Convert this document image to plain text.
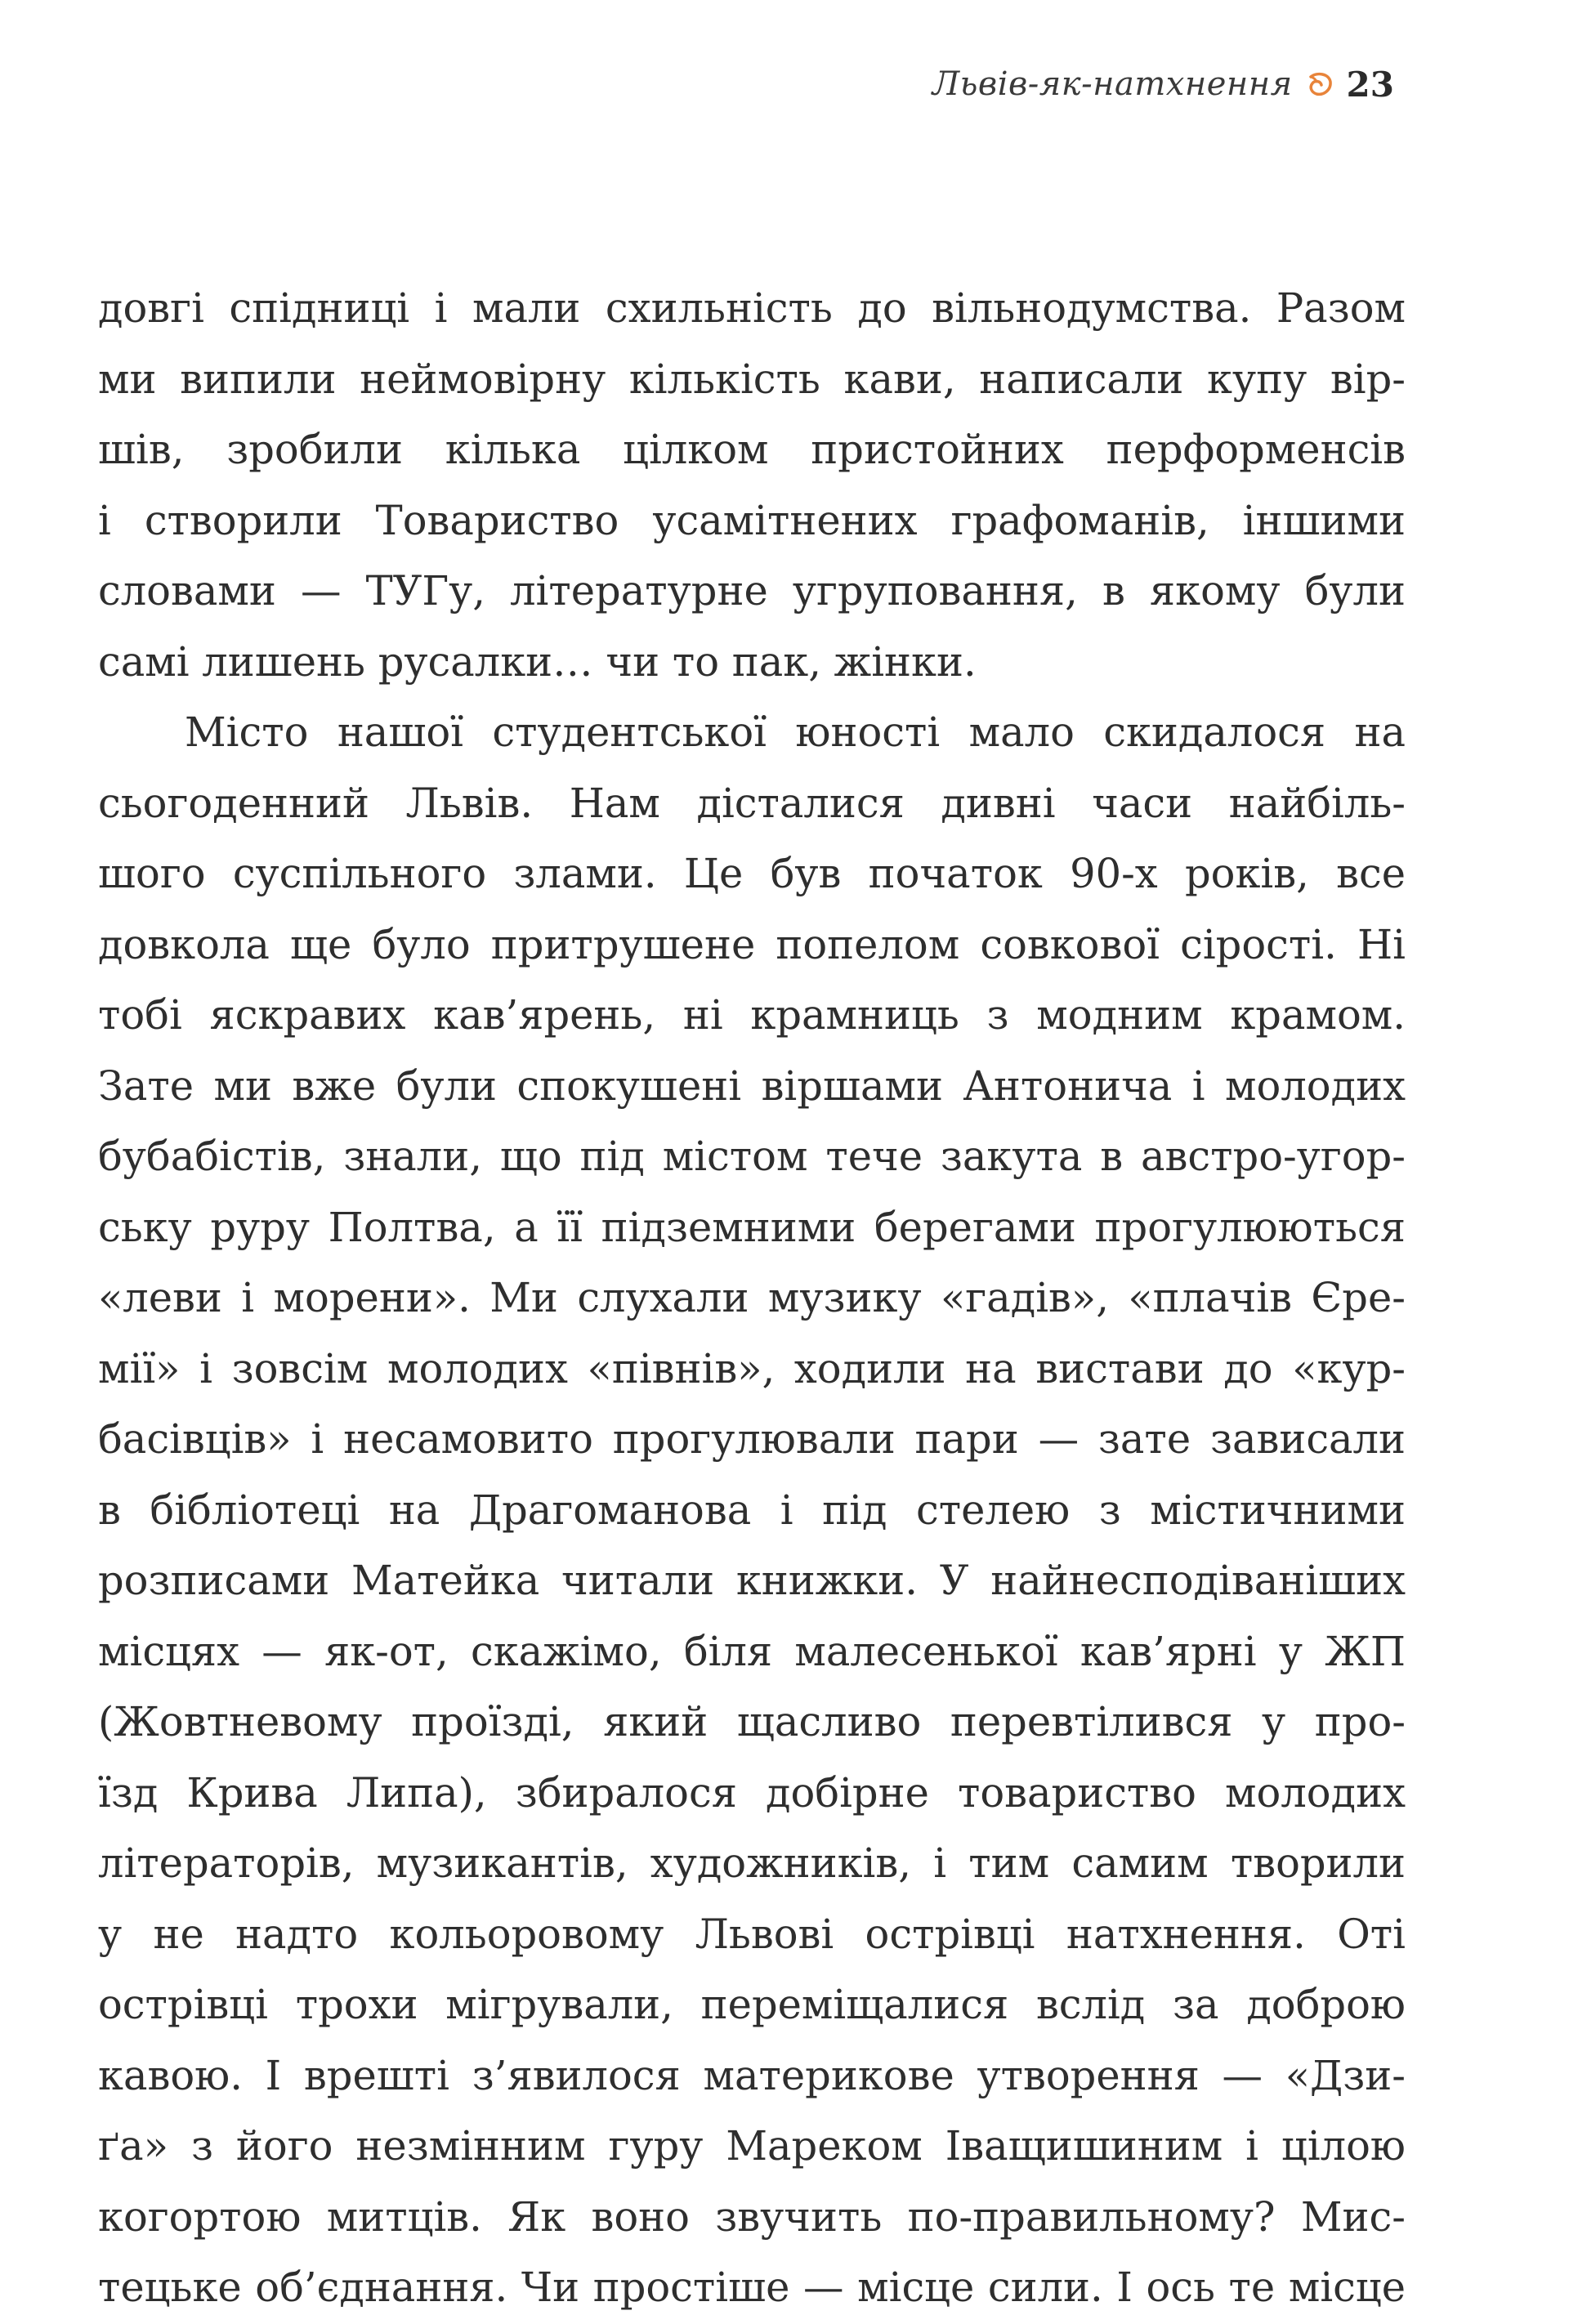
Львів-як-натхнення 23
довгі спідниці і мали схильність до вільнодумства. Разом
ми випили неймовірну кількість кави, написали купу вір-
шів, зробили кілька цілком пристойних перформенсів
і створили Товариство усамітнених графоманів, іншими
словами — ТУГу, літературне угруповання, в якому були
самі лишень русалки… чи то пак, жінки.
Місто нашої студентської юності мало скидалося на
сьогоденний Львів. Нам дісталися дивні часи найбіль-
шого суспільного злами. Це був початок 90-х років, все
довкола ще було притрушене попелом совкової сірості. Ні
тобі яскравих кав’ярень, ні крамниць з модним крамом.
Зате ми вже були спокушені віршами Антонича і молодих
бубабістів, знали, що під містом тече закута в австро-угор-
ську руру Полтва, а її підземними берегами прогулюються
«леви і морени». Ми слухали музику «гадів», «плачів Єре-
мії» і зовсім молодих «півнів», ходили на вистави до «кур-
басівців» і несамовито прогулювали пари — зате зависали
в бібліотеці на Драгоманова і під стелею з містичними
розписами Матейка читали книжки. У найнесподіваніших
місцях — як-от, скажімо, біля малесенької кав’ярні у ЖП
(Жовтневому проїзді, який щасливо перевтілився у про-
їзд Крива Липа), збиралося добірне товариство молодих
літераторів, музикантів, художників, і тим самим творили
у не надто кольоровому Львові острівці натхнення. Оті
острівці трохи мігрували, переміщалися вслід за доброю
кавою. І врешті з’явилося материкове утворення — «Дзи-
ґа» з його незмінним гуру Мареком Іващишиним і цілою
когортою митців. Як воно звучить по-правильному? Мис-
тецьке об’єднання. Чи простіше — місце сили. І ось те місце
